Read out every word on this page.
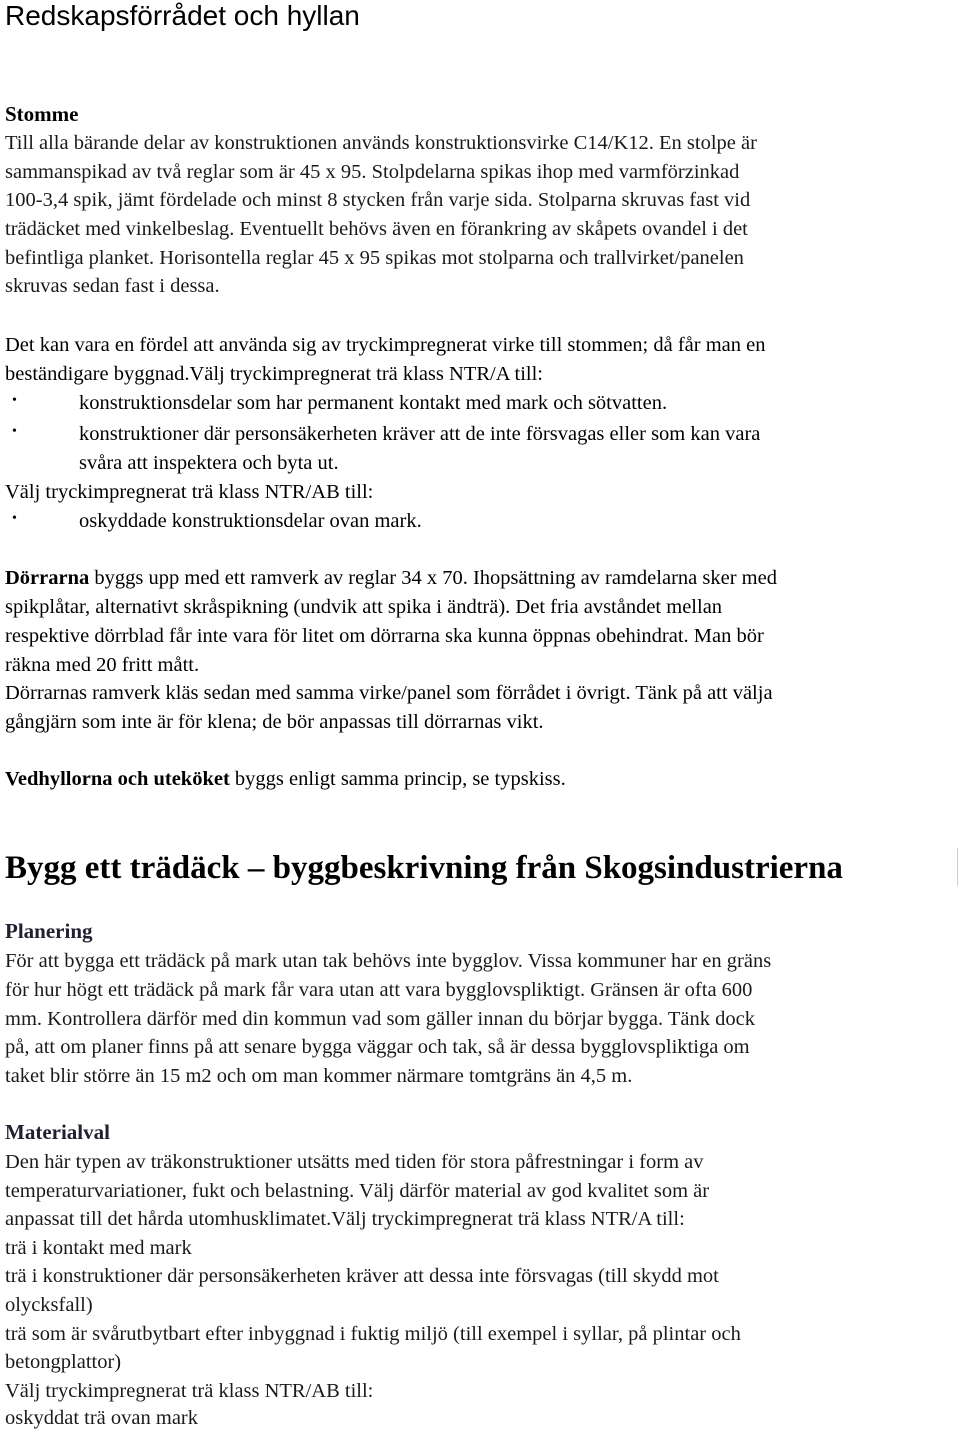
Redskapsförrådet och hyllan
Stomme
Till alla bärande delar av konstruktionen används konstruktionsvirke C14/K12. En stolpe är
sammanspikad av två reglar som är 45 x 95. Stolpdelarna spikas ihop med varmförzinkad
100-3,4 spik, jämt fördelade och minst 8 stycken från varje sida. Stolparna skruvas fast vid
trädäcket med vinkelbeslag. Eventuellt behövs även en förankring av skåpets ovandel i det
befintliga planket. Horisontella reglar 45 x 95 spikas mot stolparna och trallvirket/panelen
skruvas sedan fast i dessa.
Det kan vara en fördel att använda sig av tryckimpregnerat virke till stommen; då får man en
beständigare byggnad.Välj tryckimpregnerat trä klass NTR/A till:
•	konstruktionsdelar som har permanent kontakt med mark och sötvatten.
•	konstruktioner där personsäkerheten kräver att de inte försvagas eller som kan vara
svåra att inspektera och byta ut.
Välj tryckimpregnerat trä klass NTR/AB till:
•	oskyddade konstruktionsdelar ovan mark.
Dörrarna byggs upp med ett ramverk av reglar 34 x 70. Ihopsättning av ramdelarna sker med
spikplåtar, alternativt skråspikning (undvik att spika i ändträ). Det fria avståndet mellan
respektive dörrblad får inte vara för litet om dörrarna ska kunna öppnas obehindrat. Man bör
räkna med 20 fritt mått.
Dörrarnas ramverk kläs sedan med samma virke/panel som förrådet i övrigt. Tänk på att välja
gångjärn som inte är för klena; de bör anpassas till dörrarnas vikt.
Vedhyllorna och uteköket byggs enligt samma princip, se typskiss.
Bygg ett trädäck – byggbeskrivning från Skogsindustrierna
Planering
För att bygga ett trädäck på mark utan tak behövs inte bygglov. Vissa kommuner har en gräns
för hur högt ett trädäck på mark får vara utan att vara bygglovspliktigt. Gränsen är ofta 600
mm. Kontrollera därför med din kommun vad som gäller innan du börjar bygga. Tänk dock
på, att om planer finns på att senare bygga väggar och tak, så är dessa bygglovspliktiga om
taket blir större än 15 m2 och om man kommer närmare tomtgräns än 4,5 m.
Materialval
Den här typen av träkonstruktioner utsätts med tiden för stora påfrestningar i form av
temperaturvariationer, fukt och belastning. Välj därför material av god kvalitet som är
anpassat till det hårda utomhusklimatet.Välj tryckimpregnerat trä klass NTR/A till:
trä i kontakt med mark
trä i konstruktioner där personsäkerheten kräver att dessa inte försvagas (till skydd mot
olycksfall)
trä som är svårutbytbart efter inbyggnad i fuktig miljö (till exempel i syllar, på plintar och
betongplattor)
Välj tryckimpregnerat trä klass NTR/AB till:
oskyddat trä ovan mark
